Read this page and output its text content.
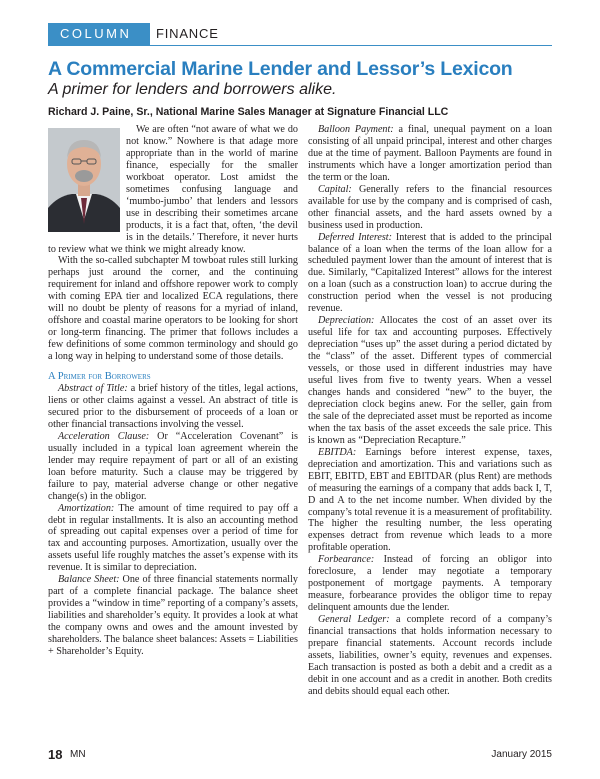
COLUMN FINANCE
A Commercial Marine Lender and Lessor’s Lexicon
A primer for lenders and borrowers alike.
Richard J. Paine, Sr., National Marine Sales Manager at Signature Financial LLC

We are often “not aware of what we do not know.” Nowhere is that adage more appropriate than in the world of marine finance, especially for the smaller workboat operator. Lost amidst the sometimes confusing language and ‘mumbo-jumbo’ that lenders and lessors use in describing their sometimes arcane products, it is a fact that, often, ‘the devil is in the details.’ Therefore, it never hurts to review what we think we might already know.

With the so-called subchapter M towboat rules still lurking perhaps just around the corner, and the continuing requirement for inland and offshore repower work to comply with coming EPA tier and localized ECA regulations, there will no doubt be plenty of reasons for a myriad of inland, offshore and coastal marine operators to be looking for short or long-term financing. The primer that follows includes a few definitions of some common terminology and should go a long way in helping to understand some of those details.

A Primer for Borrowers

Abstract of Title: a brief history of the titles, legal actions, liens or other claims against a vessel. An abstract of title is secured prior to the disbursement of proceeds of a loan or other financial transactions involving the vessel.

Acceleration Clause: Or “Acceleration Covenant” is usually included in a typical loan agreement wherein the lender may require repayment of part or all of an existing loan before maturity. Such a clause may be triggered by failure to pay, material adverse change or other negative change(s) in the obligor.

Amortization: The amount of time required to pay off a debt in regular installments. It is also an accounting method of spreading out capital expenses over a period of time for tax and accounting purposes. Amortization, usually over the assets useful life roughly matches the asset’s expense with its revenue. It is similar to depreciation.

Balance Sheet: One of three financial statements normally part of a complete financial package. The balance sheet provides a “window in time” reporting of a company’s assets, liabilities and shareholder’s equity. It provides a look at what the company owns and owes and the amount invested by shareholders. The balance sheet balances: Assets = Liabilities + Shareholder’s Equity.

Balloon Payment: a final, unequal payment on a loan consisting of all unpaid principal, interest and other charges due at the time of payment. Balloon Payments are found in instruments which have a longer amortization period than the term or the loan.

Capital: Generally refers to the financial resources available for use by the company and is comprised of cash, other financial assets, and the hard assets owned by a business used in production.

Deferred Interest: Interest that is added to the principal balance of a loan when the terms of the loan allow for a scheduled payment lower than the amount of interest that is due. Similarly, “Capitalized Interest” allows for the interest on a loan (such as a construction loan) to accrue during the construction period when the vessel is not producing revenue.

Depreciation: Allocates the cost of an asset over its useful life for tax and accounting purposes. Effectively depreciation “uses up” the asset during a period dictated by the “class” of the asset. Different types of commercial vessels, or those used in different industries may have useful lives from five to twenty years. When a vessel changes hands and considered “new” to the buyer, the depreciation clock begins anew. For the seller, gain from the sale of the depreciated asset must be reported as income when the tax basis of the asset exceeds the sale price. This is known as “Depreciation Recapture.”

EBITDA: Earnings before interest expense, taxes, depreciation and amortization. This and variations such as EBIT, EBITD, EBT and EBITDAR (plus Rent) are methods of measuring the earnings of a company that adds back I, T, D and A to the net income number. When divided by the company’s total revenue it is a measurement of profitability. The higher the resulting number, the less operating expenses detract from revenue which leads to a more profitable operation.

Forbearance: Instead of forcing an obligor into foreclosure, a lender may negotiate a temporary postponement of mortgage payments. A temporary measure, forbearance provides the obligor time to repay delinquent amounts due the lender.

General Ledger: a complete record of a company’s financial transactions that holds information necessary to prepare financial statements. Account records include assets, liabilities, owner’s equity, revenues and expenses. Each transaction is posted as both a debit and a credit as a debit in one account and as a credit in another. Both credits and debits should equal each other.

18 MN	January 2015
